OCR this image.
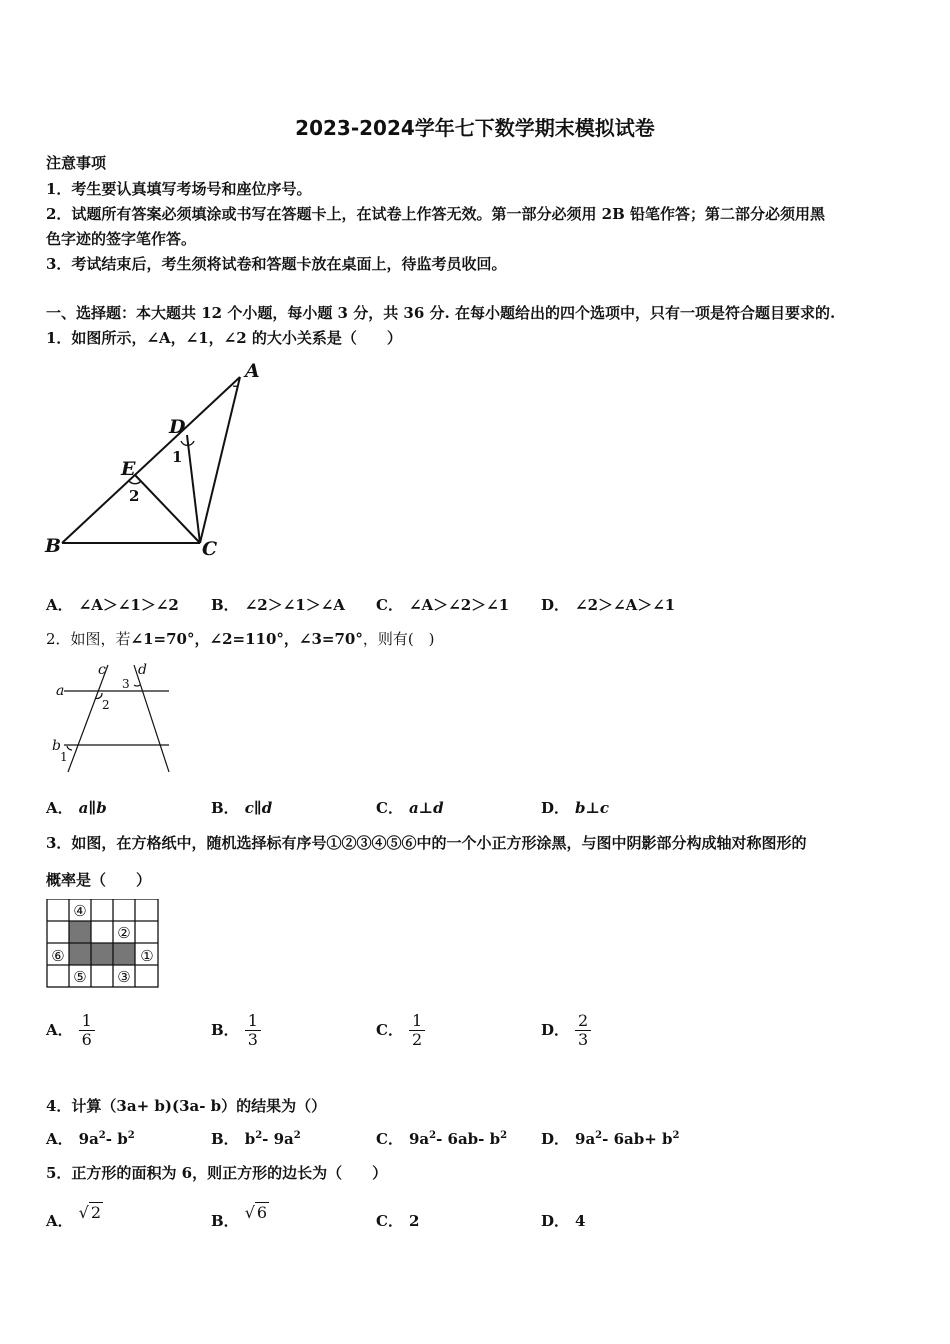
2023-2024学年七下数学期末模拟试卷
注意事项
1．考生要认真填写考场号和座位序号。
2．试题所有答案必须填涂或书写在答题卡上，在试卷上作答无效。第一部分必须用 2B 铅笔作答；第二部分必须用黑
色字迹的签字笔作答。
3．考试结束后，考生须将试卷和答题卡放在桌面上，待监考员收回。
一、选择题：本大题共 12 个小题，每小题 3 分，共 36 分. 在每小题给出的四个选项中，只有一项是符合题目要求的.
1．如图所示，∠A，∠1，∠2 的大小关系是（　　）
A
B	C
D
E
1
2
A． ∠A＞∠1＞∠2 B． ∠2＞∠1＞∠A C． ∠A＞∠2＞∠1 D． ∠2＞∠A＞∠1
2．如图，若∠1=70°，∠2=110°，∠3=70°，则有(　)
a
b
c d
2
3
1
A． a∥b	B． c∥d	C． a⊥d	D． b⊥c
3．如图，在方格纸中，随机选择标有序号①②③④⑤⑥中的一个小正方形涂黑，与图中阴影部分构成轴对称图形的
概率是（　　）
①
②
③
④
⑤
⑥
A． $\frac{1}{6}$	B． $\frac{1}{3}$	C． $\frac{1}{2}$	D． $\frac{2}{3}$
4．计算（3a+ b)(3a- b）的结果为（）
A． $9a^2-$ $b^2$	B． $b^2-$ $9a^2$	C． $9a^2-$ 6ab- $b^2$ D． $9a^2-$ $6ab+ b^2$
5．正方形的面积为 6，则正方形的边长为（　　）
A． √ 2	B． √ 6	C． 2	D． 4
